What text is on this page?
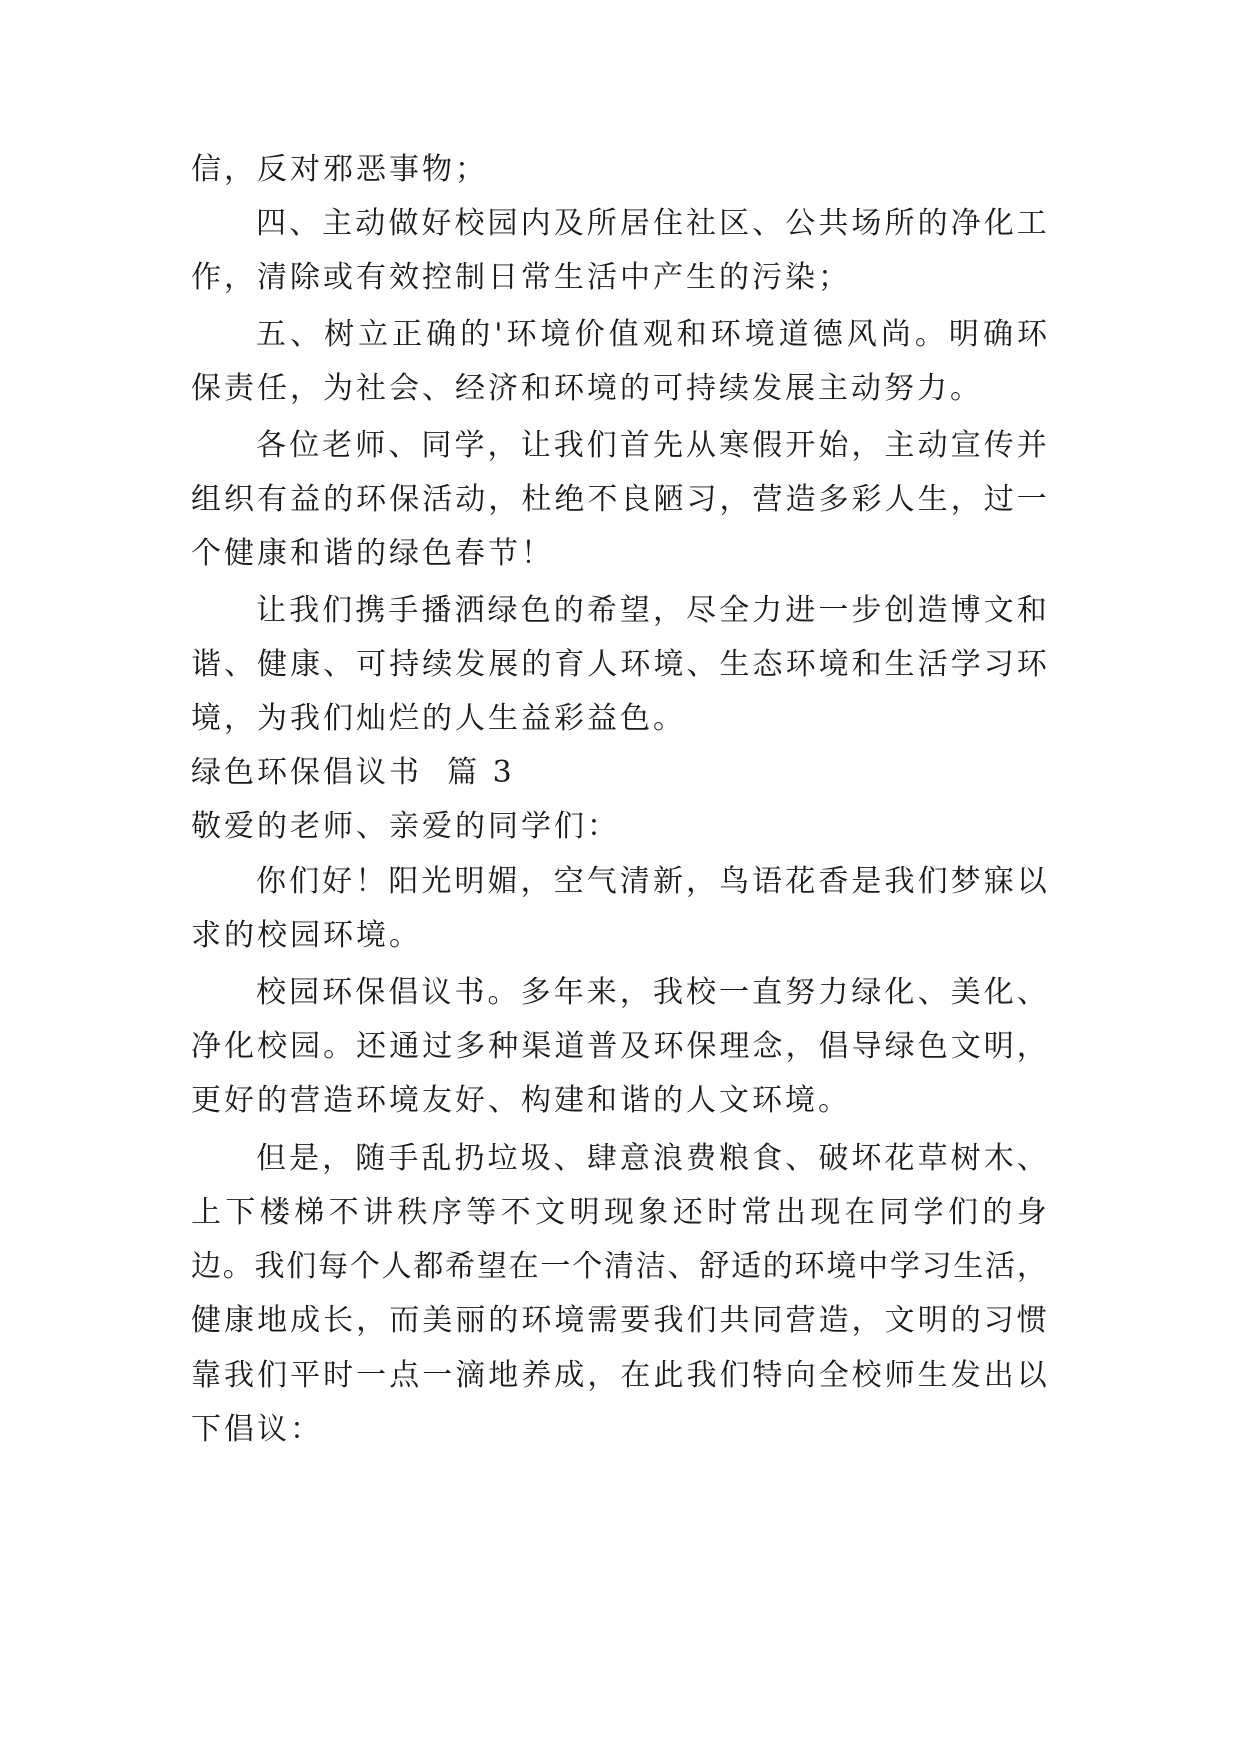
信，反对邪恶事物；
四 、 主 动 做 好 校 园 内 及 所 居 住 社 区 、 公 共 场 所 的 净 化 工
作，清除或有效控制日常生活中产生的污染；
五 、 树 立 正 确 的 ' 环 境 价 值 观 和 环 境 道 德 风 尚 。 明 确 环
保责任，为社会、经济和环境的可持续发展主动努力。
各 位 老 师 、 同 学 ， 让 我 们 首 先 从 寒 假 开 始 ， 主 动 宣 传 并
组 织 有 益 的 环 保 活 动 ， 杜 绝 不 良 陋 习 ， 营 造 多 彩 人 生 ， 过 一
个健康和谐的绿色春节！
让 我 们 携 手 播 洒 绿 色 的 希 望 ， 尽 全 力 进 一 步 创 造 博 文 和
谐 、 健 康 、 可 持 续 发 展 的 育 人 环 境 、 生 态 环 境 和 生 活 学 习 环
境，为我们灿烂的人生益彩益色。
绿色环保倡议书  篇 3
敬爱的老师、亲爱的同学们：
你 们 好 ！ 阳 光 明 媚 ， 空 气 清 新 ， 鸟 语 花 香 是 我 们 梦 寐 以
求的校园环境。
校 园 环 保 倡 议 书 。 多 年 来 ， 我 校 一 直 努 力 绿 化 、 美 化 、
净 化 校 园 。 还 通 过 多 种 渠 道 普 及 环 保 理 念 ， 倡 导 绿 色 文 明 ，
更好的营造环境友好、构建和谐的人文环境。
但 是 ， 随 手 乱 扔 垃 圾 、 肆 意 浪 费 粮 食 、 破 坏 花 草 树 木 、
上 下 楼 梯 不 讲 秩 序 等 不 文 明 现 象 还 时 常 出 现 在 同 学 们 的 身
边 。 我 们 每 个 人 都 希 望 在 一 个 清 洁 、 舒 适 的 环 境 中 学 习 生 活 ，
健 康 地 成 长 ， 而 美 丽 的 环 境 需 要 我 们 共 同 营 造 ， 文 明 的 习 惯
靠 我 们 平 时 一 点 一 滴 地 养 成 ， 在 此 我 们 特 向 全 校 师 生 发 出 以
下倡议：
